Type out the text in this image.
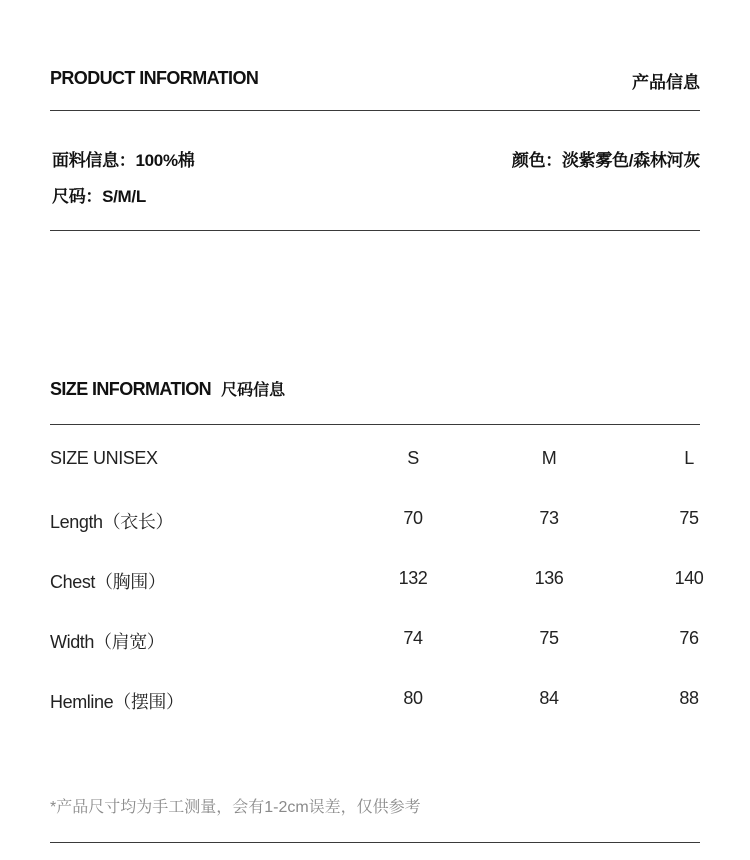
PRODUCT INFORMATION	产品信息
面料信息：100%棉	颜色：淡紫雾色/森林河灰
尺码：S/M/L
SIZE INFORMATION 尺码信息
SIZE UNISEX	S	M	L
Length（衣长）	70	73	75
Chest（胸围）	132	136	140
Width（肩宽）	74	75	76
Hemline（摆围）	80	84	88
*产品尺寸均为手工测量，会有1-2cm误差，仅供参考
